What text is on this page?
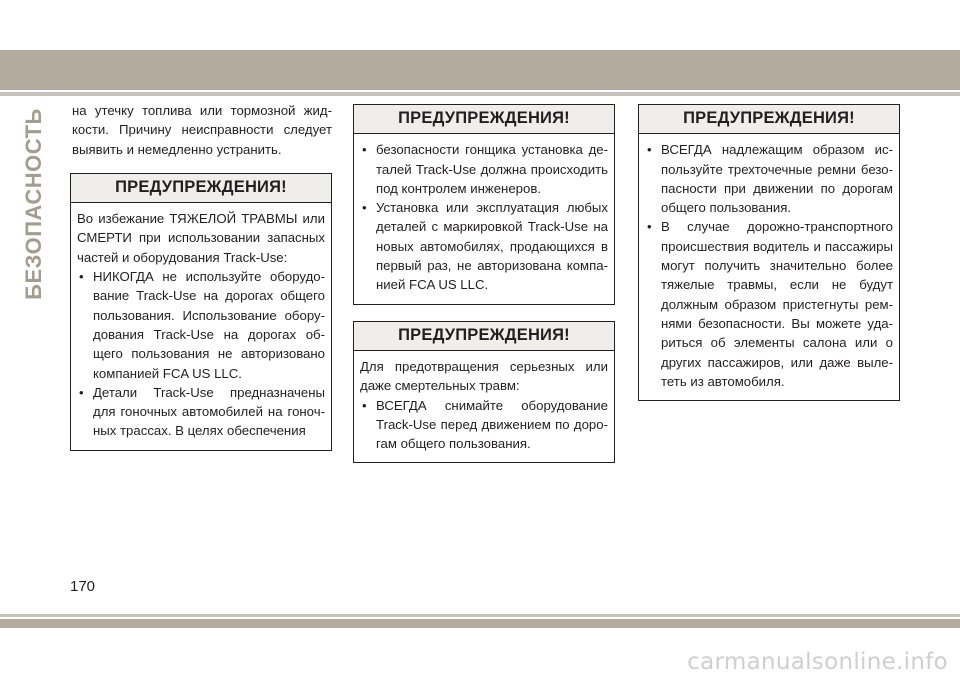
БЕЗОПАСНОСТЬ на утечку топлива или тормозной жид-кости. Причину неисправности следует выявить и немедленно устранить.

ПРЕДУПРЕЖДЕНИЯ!

Во избежание ТЯЖЕЛОЙ ТРАВМЫ или СМЕРТИ при использовании запасных частей и оборудования Track-Use:

• НИКОГДА не используйте оборудо-вание Track-Use на дорогах общего пользования. Использование обору-дования Track-Use на дорогах об-щего пользования не авторизовано компанией FCA US LLC.
• Детали Track-Use предназначены для гоночных автомобилей на гоноч-ных трассах. В целях обеспечения
ПРЕДУПРЕЖДЕНИЯ!
• безопасности гонщика установка де-талей Track-Use должна происходить под контролем инженеров.
• Установка или эксплуатация любых деталей с маркировкой Track-Use на новых автомобилях, продающихся в первый раз, не авторизована компа-нией FCA US LLC.
ПРЕДУПРЕЖДЕНИЯ!

Для предотвращения серьезных или даже смертельных травм:

• ВСЕГДА снимайте оборудование Track-Use перед движением по доро-гам общего пользования.
ПРЕДУПРЕЖДЕНИЯ!
• ВСЕГДА надлежащим образом ис-пользуйте трехточечные ремни безо-пасности при движении по дорогам общего пользования.
• В случае дорожно-транспортного происшествия водитель и пассажиры могут получить значительно более тяжелые травмы, если не будут должным образом пристегнуты рем-нями безопасности. Вы можете уда-риться об элементы салона или о других пассажиров, или даже выле-теть из автомобиля.
170
carmanualsonline.info
